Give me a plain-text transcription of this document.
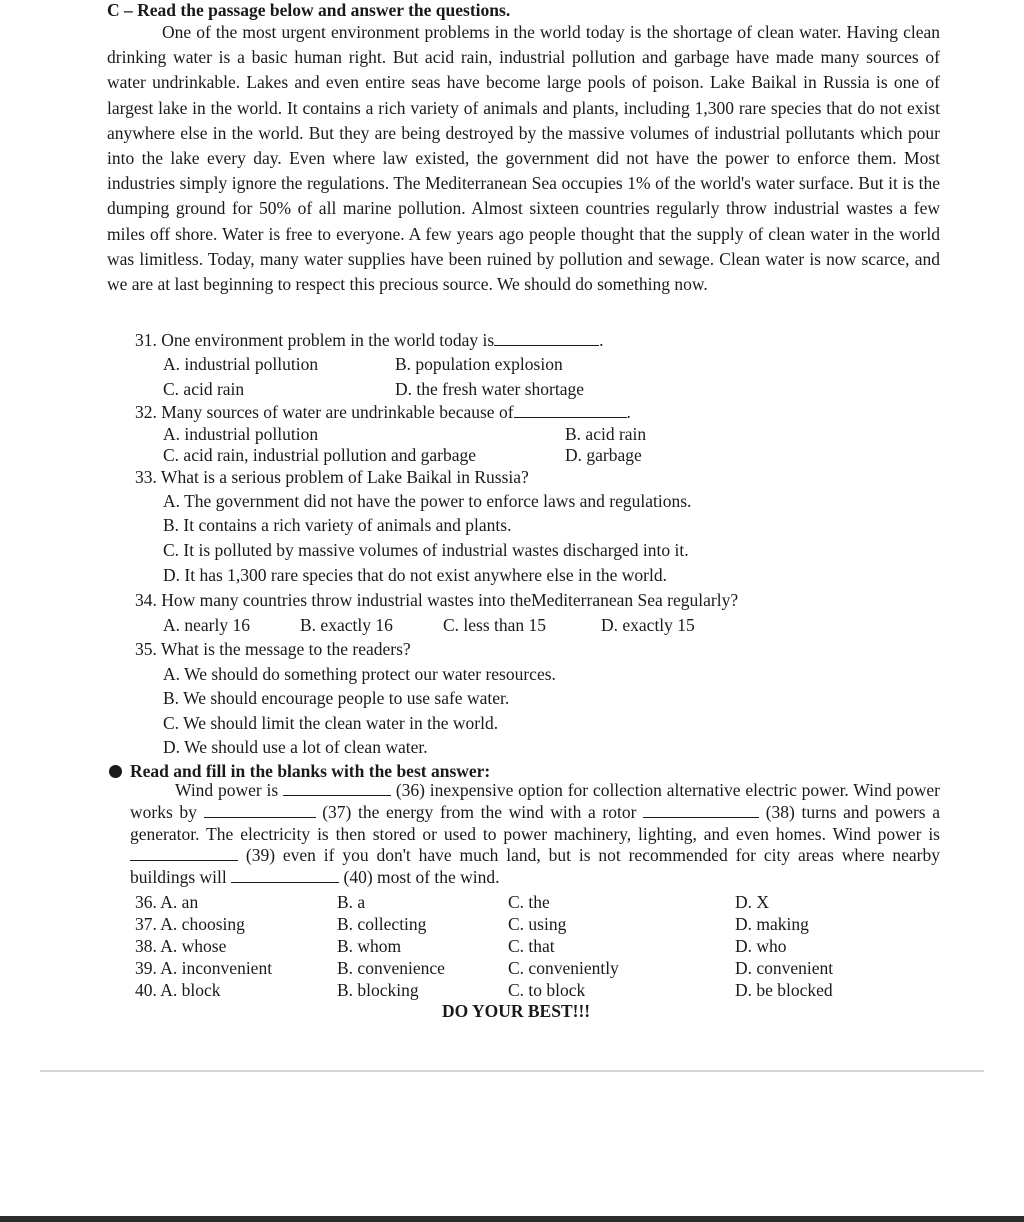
C – Read the passage below and answer the questions.

One of the most urgent environment problems in the world today is the shortage of clean water. Having clean drinking water is a basic human right. But acid rain, industrial pollution and garbage have made many sources of water undrinkable. Lakes and even entire seas have become large pools of poison. Lake Baikal in Russia is one of largest lake in the world. It contains a rich variety of animals and plants, including 1,300 rare species that do not exist anywhere else in the world. But they are being destroyed by the massive volumes of industrial pollutants which pour into the lake every day. Even where law existed, the government did not have the power to enforce them. Most industries simply ignore the regulations. The Mediterranean Sea occupies 1% of the world's water surface. But it is the dumping ground for 50% of all marine pollution. Almost sixteen countries regularly throw industrial wastes a few miles off shore. Water is free to everyone. A few years ago people thought that the supply of clean water in the world was limitless. Today, many water supplies have been ruined by pollution and sewage. Clean water is now scarce, and we are at last beginning to respect this precious source. We should do something now.

31. One environment problem in the world today is	.
A. industrial pollution	B. population explosion
C. acid rain	D. the fresh water shortage
32. Many sources of water are undrinkable because of	.
A. industrial pollution	B. acid rain
C. acid rain, industrial pollution and garbage	D. garbage
33. What is a serious problem of Lake Baikal in Russia?
A. The government did not have the power to enforce laws and regulations.
B. It contains a rich variety of animals and plants.
C. It is polluted by massive volumes of industrial wastes discharged into it.
D. It has 1,300 rare species that do not exist anywhere else in the world.
34. How many countries throw industrial wastes into theMediterranean Sea regularly?
A. nearly 16	B. exactly 16	C. less than 15	D. exactly 15
35. What is the message to the readers?
A. We should do something protect our water resources.
B. We should encourage people to use safe water.
C. We should limit the clean water in the world.
D. We should use a lot of clean water.
Read and fill in the blanks with the best answer:

Wind power is	(36) inexpensive option for collection alternative electric power. Wind power works by	(37) the energy from the wind with a rotor	(38) turns and powers a generator. The electricity is then stored or used to power machinery, lighting, and even homes. Wind power is  (39) even if you don't have much land, but is not recommended for city areas where nearby buildings will	(40) most of the wind.

36. A. an	B. a	C. the	D. X
37. A. choosing	B. collecting	C. using	D. making
38. A. whose	B. whom	C. that	D. who
39. A. inconvenient	B. convenience	C. conveniently	D. convenient
40. A. block	B. blocking	C. to block	D. be blocked
DO YOUR BEST!!!
